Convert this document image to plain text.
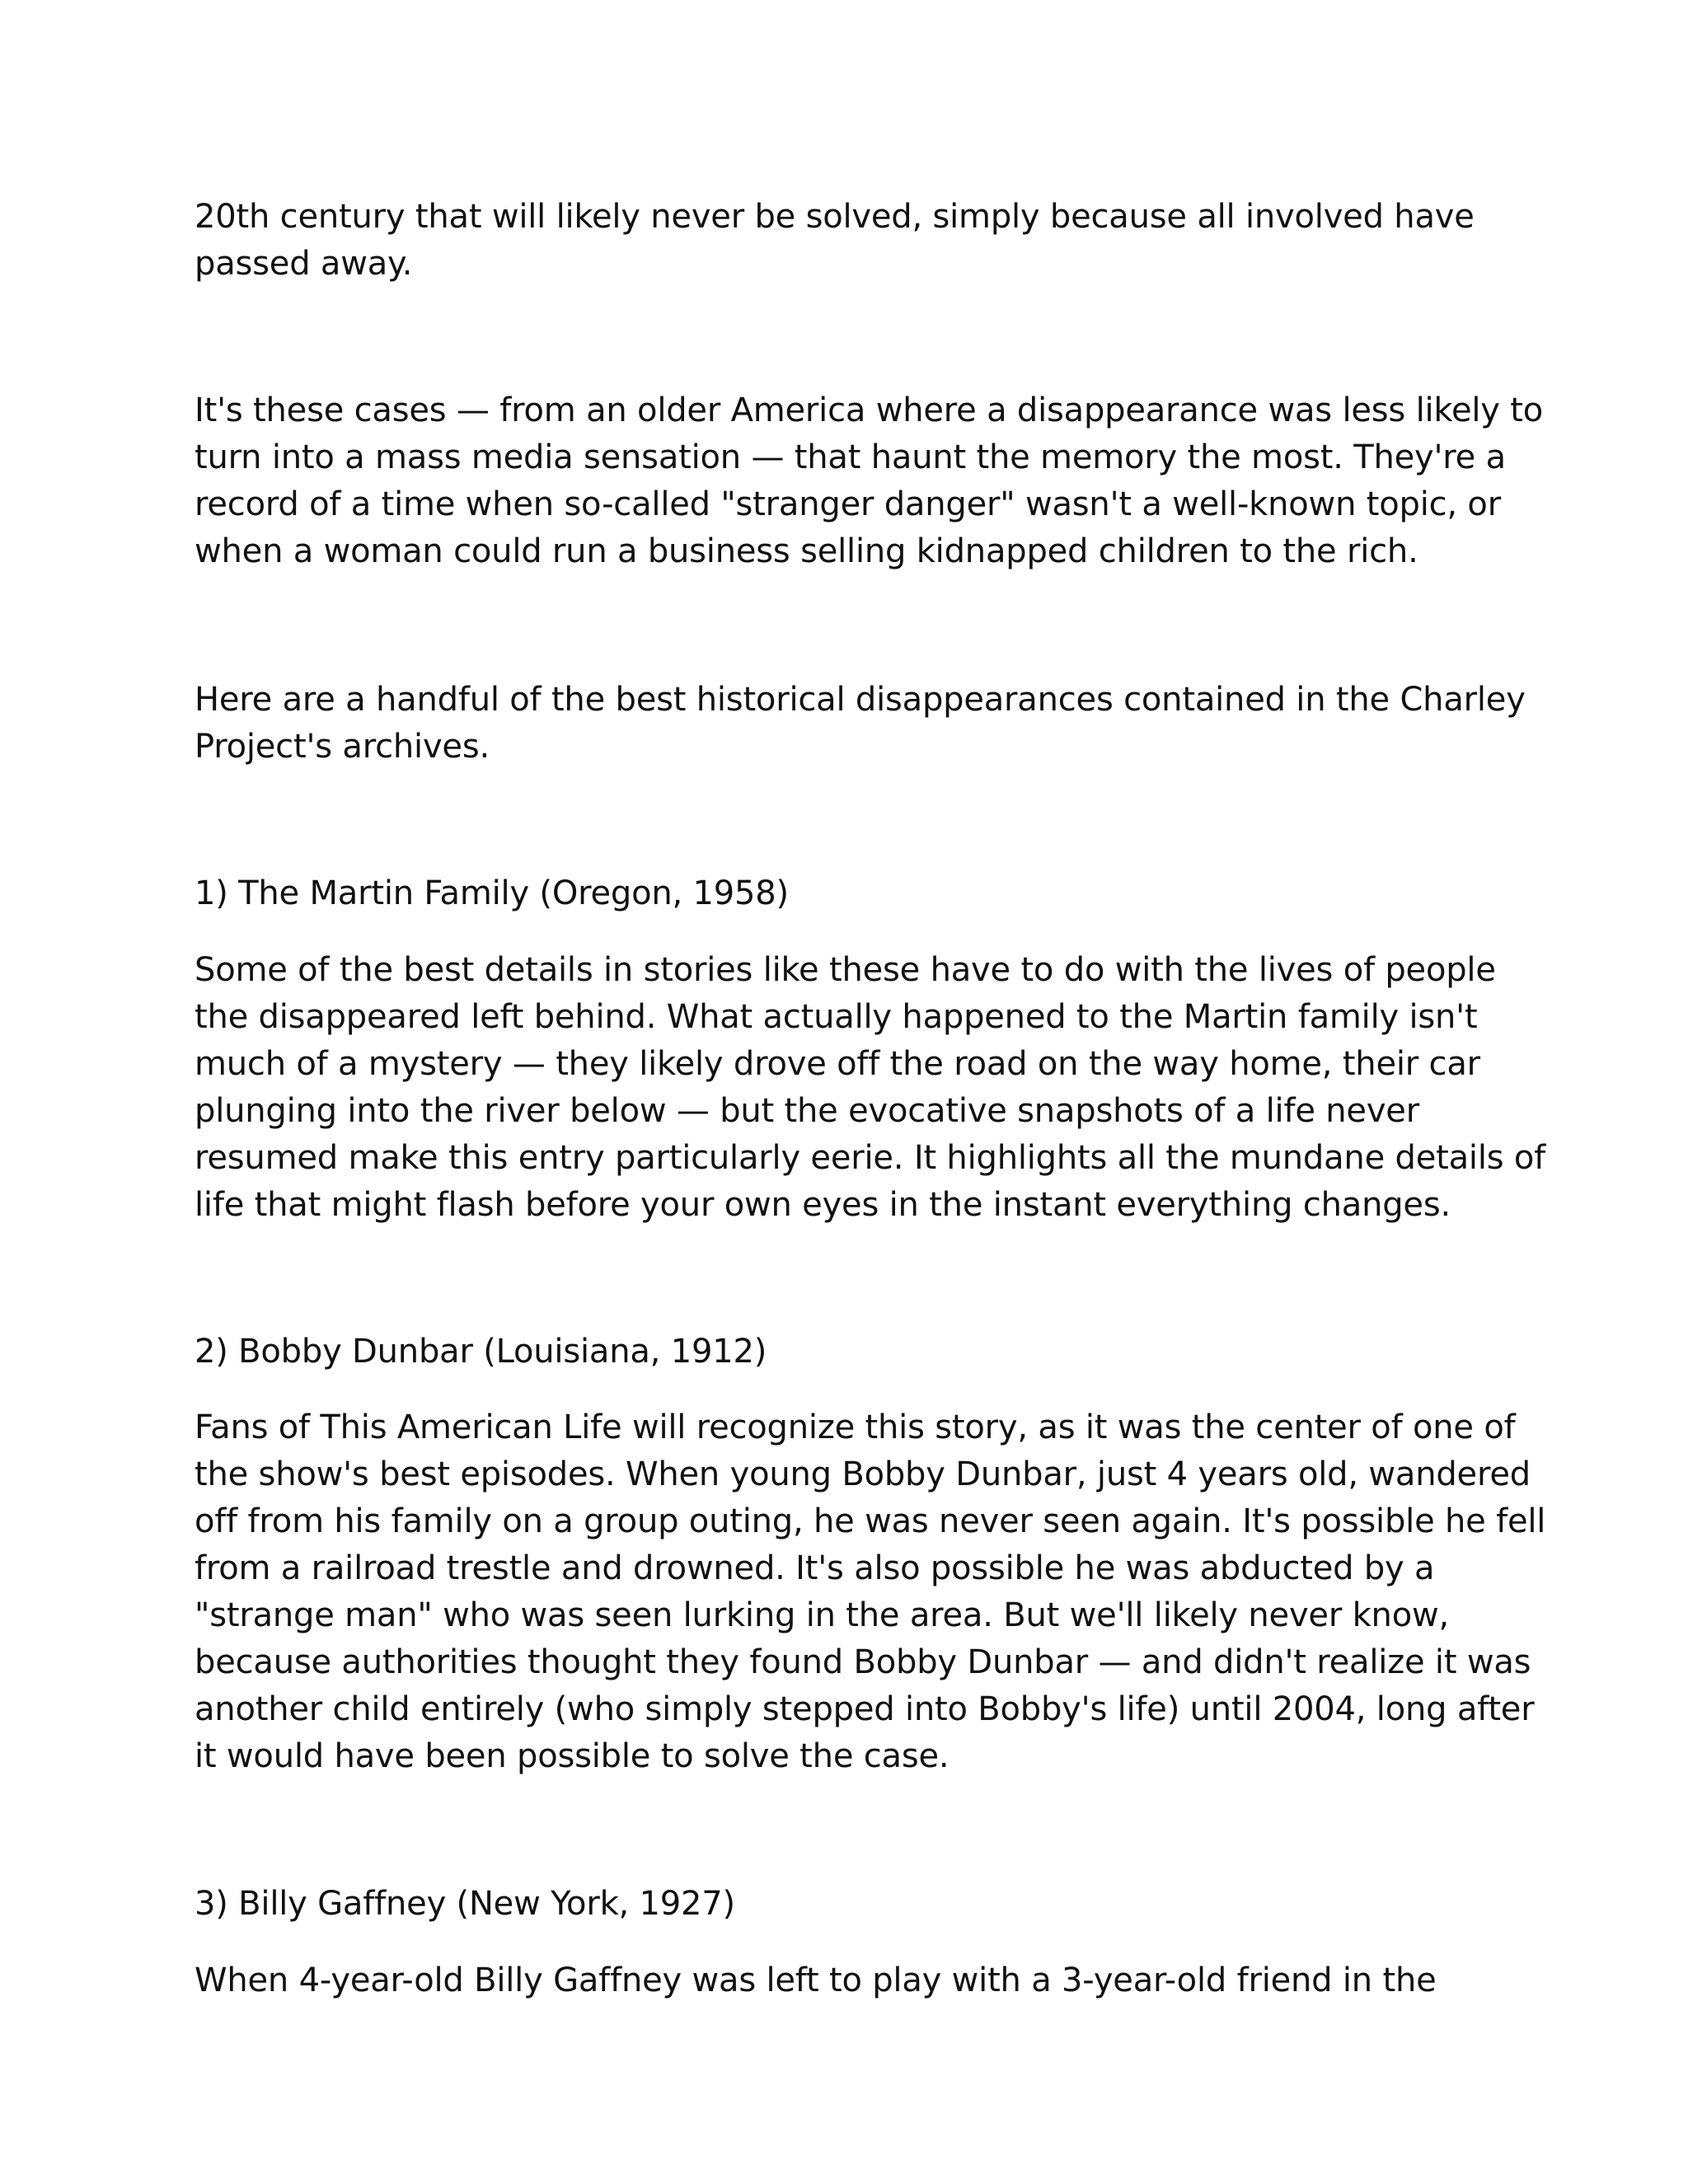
20th century that will likely never be solved, simply because all involved have
passed away.
It's these cases — from an older America where a disappearance was less likely to
turn into a mass media sensation — that haunt the memory the most. They're a
record of a time when so-called "stranger danger" wasn't a well-known topic, or
when a woman could run a business selling kidnapped children to the rich.
Here are a handful of the best historical disappearances contained in the Charley
Project's archives.
1) The Martin Family (Oregon, 1958)
Some of the best details in stories like these have to do with the lives of people
the disappeared left behind. What actually happened to the Martin family isn't
much of a mystery — they likely drove off the road on the way home, their car
plunging into the river below — but the evocative snapshots of a life never
resumed make this entry particularly eerie. It highlights all the mundane details of
life that might flash before your own eyes in the instant everything changes.
2) Bobby Dunbar (Louisiana, 1912)
Fans of This American Life will recognize this story, as it was the center of one of
the show's best episodes. When young Bobby Dunbar, just 4 years old, wandered
off from his family on a group outing, he was never seen again. It's possible he fell
from a railroad trestle and drowned. It's also possible he was abducted by a
"strange man" who was seen lurking in the area. But we'll likely never know,
because authorities thought they found Bobby Dunbar — and didn't realize it was
another child entirely (who simply stepped into Bobby's life) until 2004, long after
it would have been possible to solve the case.
3) Billy Gaffney (New York, 1927)
When 4-year-old Billy Gaffney was left to play with a 3-year-old friend in the
